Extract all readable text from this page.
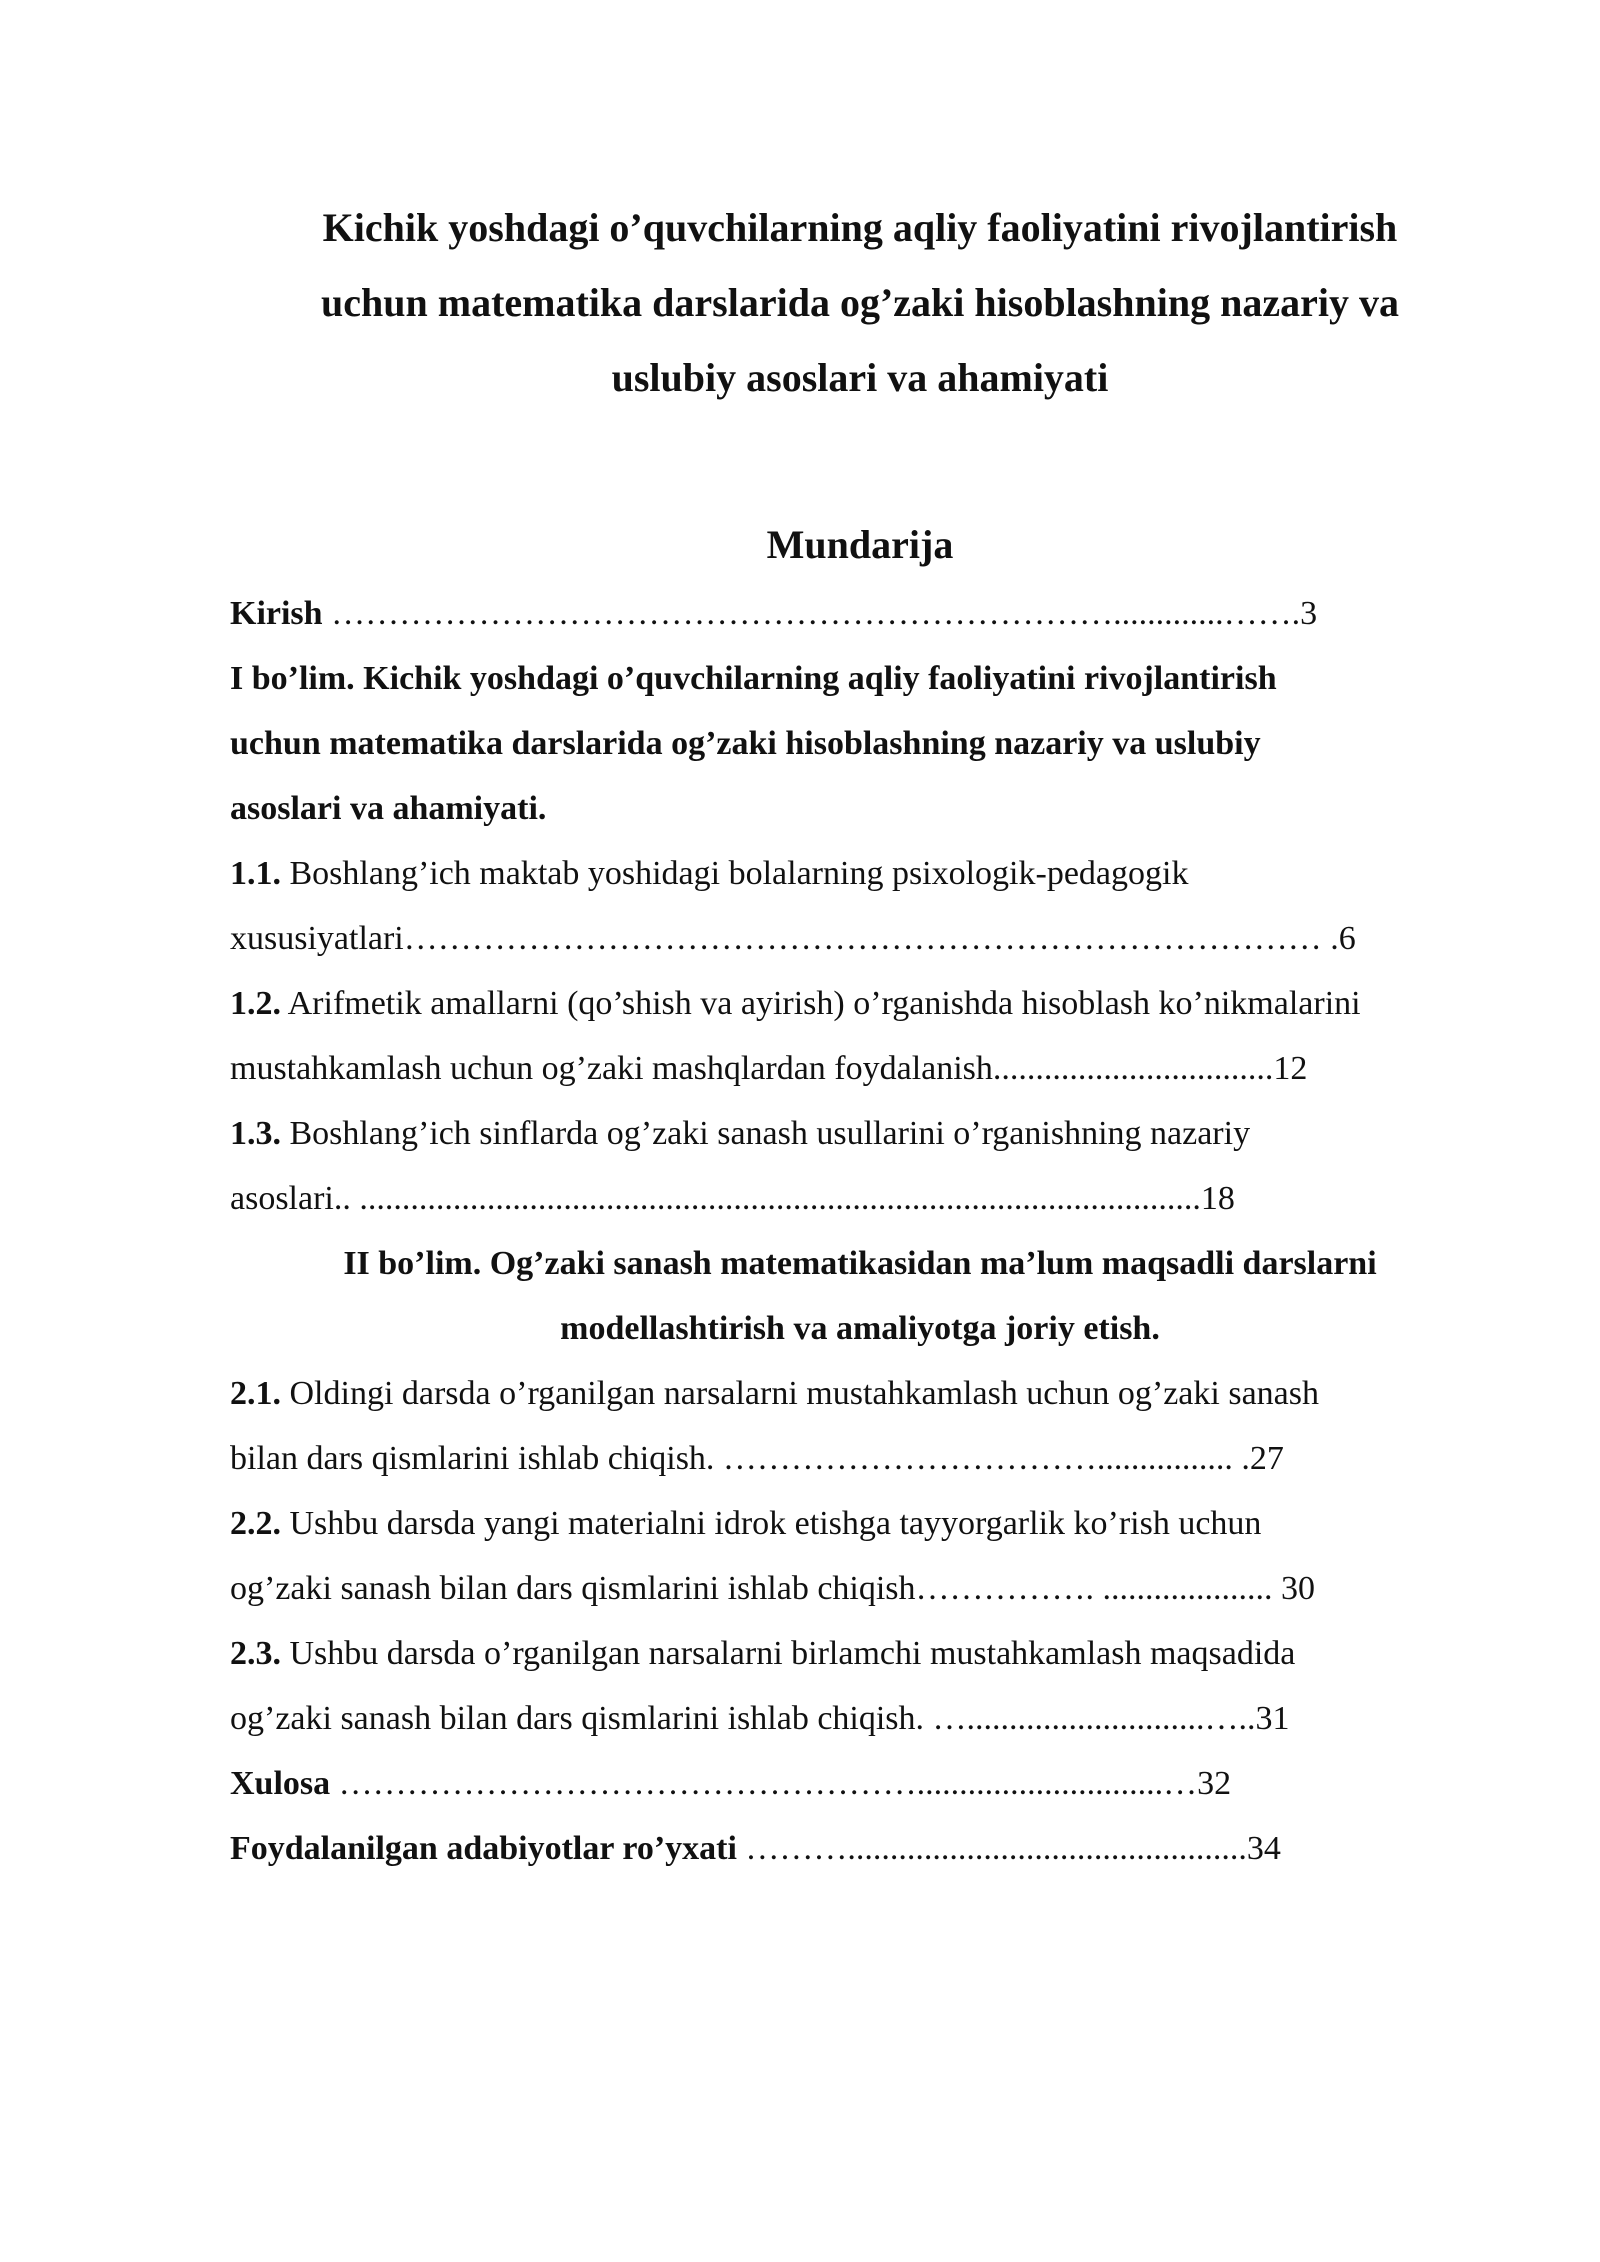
Kichik yoshdagi o’quvchilarning aqliy faoliyatini rivojlantirish
uchun matematika darslarida og’zaki hisoblashning nazariy va
uslubiy asoslari va ahamiyati
Mundarija

Kirish …………………………………………………………….............…….3

I bo’lim. Kichik yoshdagi o’quvchilarning aqliy faoliyatini rivojlantirish
uchun matematika darslarida og’zaki hisoblashning nazariy va uslubiy
asoslari va ahamiyati.
1.1. Boshlang’ich maktab yoshidagi bolalarning psixologik-pedagogik
xususiyatlari……………………………………………………………………… .6
1.2. Arifmetik amallarni (qo’shish va ayirish) o’rganishda hisoblash ko’nikmalarini
mustahkamlash uchun og’zaki mashqlardan foydalanish.................................12
1.3. Boshlang’ich sinflarda og’zaki sanash usullarini o’rganishning nazariy
asoslari.. ...................................................................................................18
II bo’lim. Og’zaki sanash matematikasidan ma’lum maqsadli darslarni
modellashtirish va amaliyotga joriy etish.
2.1. Oldingi darsda o’rganilgan narsalarni mustahkamlash uchun og’zaki sanash
bilan dars qismlarini ishlab chiqish. ……………………………................ .27
2.2. Ushbu darsda yangi materialni idrok etishga tayyorgarlik ko’rish uchun
og’zaki sanash bilan dars qismlarini ishlab chiqish……………. .................... 30
2.3. Ushbu darsda o’rganilgan narsalarni birlamchi mustahkamlash maqsadida
og’zaki sanash bilan dars qismlarini ishlab chiqish. …............................…..31

Xulosa …………………………………………….............................…32

Foydalanilgan adabiyotlar ro’yxati ………...............................................34
